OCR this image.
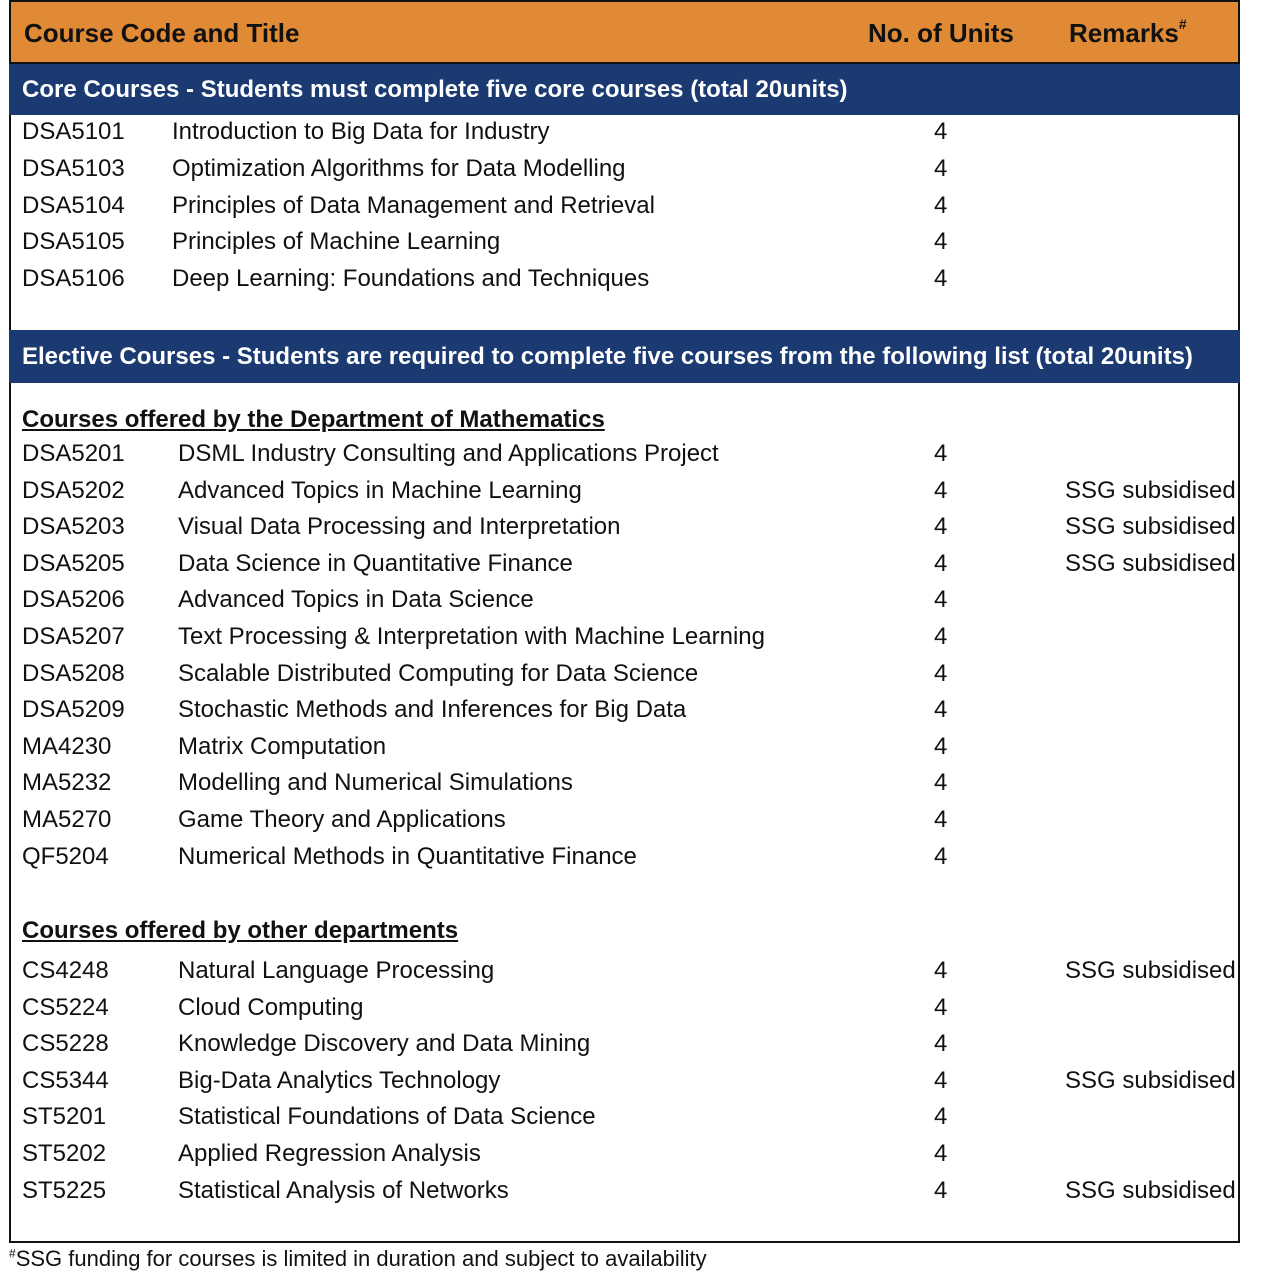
Course Code and Title	No. of Units Remarks#
Core Courses - Students must complete five core courses (total 20units)
DSA5101 Introduction to Big Data for Industry	4
DSA5103 Optimization Algorithms for Data Modelling	4
DSA5104 Principles of Data Management and Retrieval	4
DSA5105 Principles of Machine Learning	4
DSA5106 Deep Learning: Foundations and Techniques	4
Elective Courses - Students are required to complete five courses from the following list (total 20units)
Courses offered by the Department of Mathematics
DSA5201 DSML Industry Consulting and Applications Project	4
DSA5202 Advanced Topics in Machine Learning	4	SSG subsidised
DSA5203 Visual Data Processing and Interpretation	4	SSG subsidised
DSA5205 Data Science in Quantitative Finance	4	SSG subsidised
DSA5206 Advanced Topics in Data Science	4
DSA5207 Text Processing & Interpretation with Machine Learning	4
DSA5208 Scalable Distributed Computing for Data Science	4
DSA5209 Stochastic Methods and Inferences for Big Data	4
MA4230	Matrix Computation	4
MA5232	Modelling and Numerical Simulations	4
MA5270	Game Theory and Applications	4
QF5204	Numerical Methods in Quantitative Finance	4
Courses offered by other departments
CS4248	Natural Language Processing	4	SSG subsidised
CS5224	Cloud Computing	4
CS5228	Knowledge Discovery and Data Mining	4
CS5344	Big-Data Analytics Technology	4	SSG subsidised
ST5201	Statistical Foundations of Data Science	4
ST5202	Applied Regression Analysis	4
ST5225	Statistical Analysis of Networks	4	SSG subsidised
#SSG funding for courses is limited in duration and subject to availability
